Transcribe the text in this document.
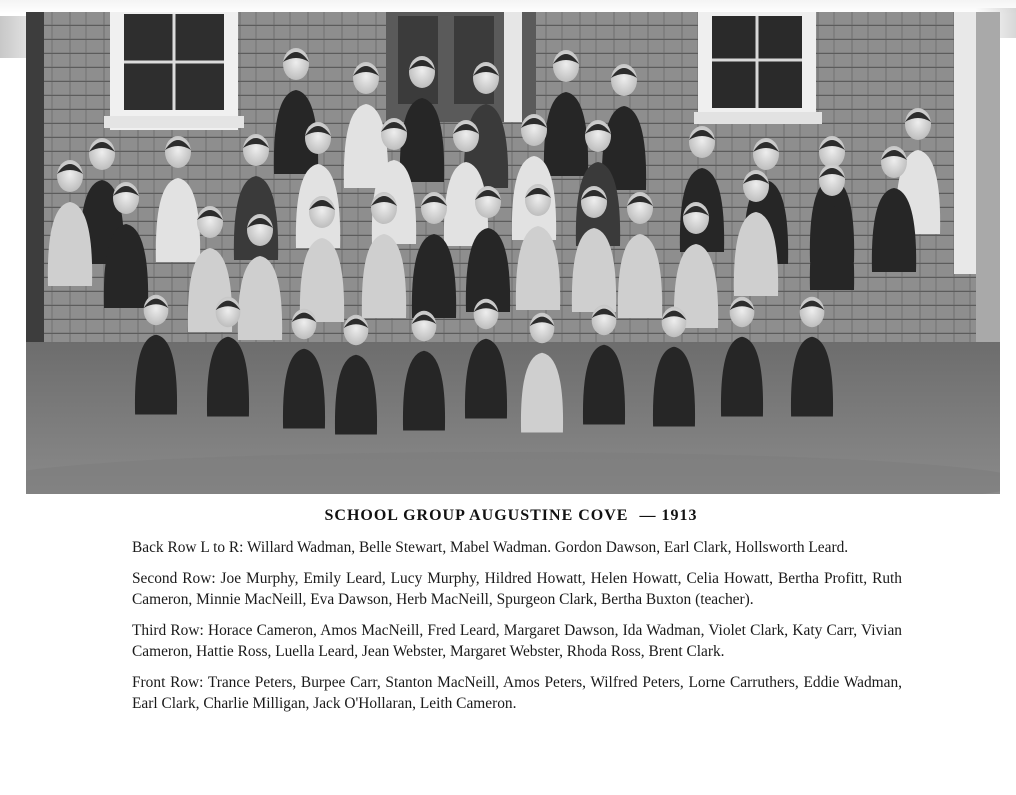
SCHOOL GROUP AUGUSTINE COVE — 1913

Back Row L to R: Willard Wadman, Belle Stewart, Mabel Wadman. Gordon Dawson, Earl Clark, Hollsworth Leard.

Second Row: Joe Murphy, Emily Leard, Lucy Murphy, Hildred Howatt, Helen Howatt, Celia Howatt, Bertha Profitt, Ruth Cameron, Minnie MacNeill, Eva Dawson, Herb MacNeill, Spurgeon Clark, Bertha Buxton (teacher).

Third Row: Horace Cameron, Amos MacNeill, Fred Leard, Margaret Dawson, Ida Wadman, Violet Clark, Katy Carr, Vivian Cameron, Hattie Ross, Luella Leard, Jean Webster, Margaret Webster, Rhoda Ross, Brent Clark.

Front Row: Trance Peters, Burpee Carr, Stanton MacNeill, Amos Peters, Wilfred Peters, Lorne Carruthers, Eddie Wadman, Earl Clark, Charlie Milligan, Jack O'Hollaran, Leith Cameron.
